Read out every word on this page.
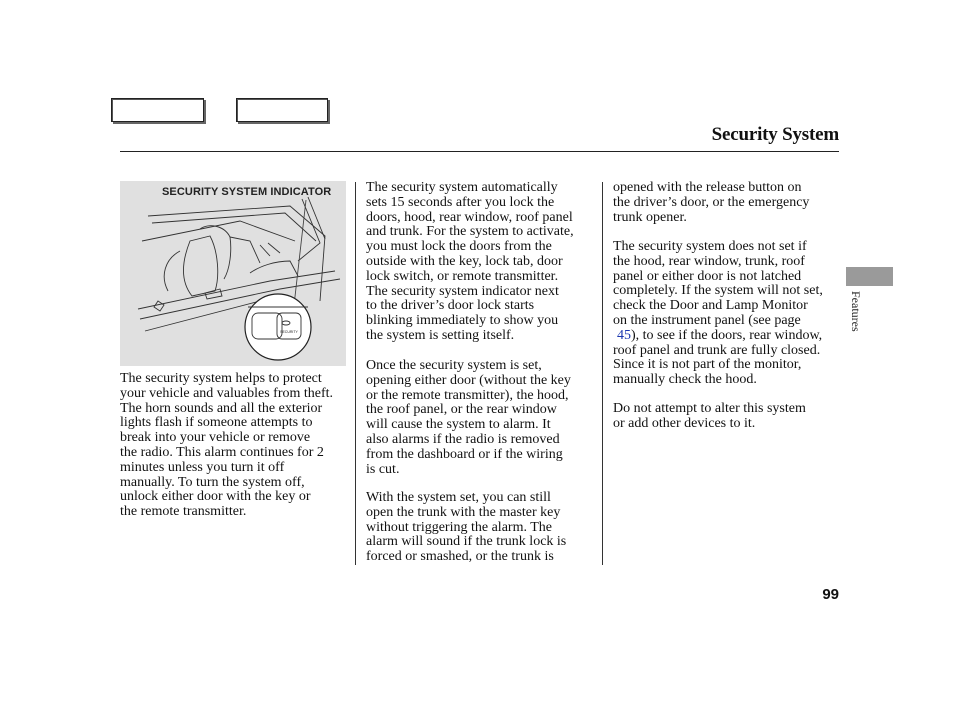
Security System
SECURITY
SECURITY SYSTEM INDICATOR

The security system helps to protect
your vehicle and valuables from theft.
The horn sounds and all the exterior
lights flash if someone attempts to
break into your vehicle or remove
the radio. This alarm continues for 2
minutes unless you turn it off
manually. To turn the system off,
unlock either door with the key or
the remote transmitter.

The security system automatically
sets 15 seconds after you lock the
doors, hood, rear window, roof panel
and trunk. For the system to activate,
you must lock the doors from the
outside with the key, lock tab, door
lock switch, or remote transmitter.
The security system indicator next
to the driver’s door lock starts
blinking immediately to show you
the system is setting itself.

Once the security system is set,
opening either door (without the key
or the remote transmitter), the hood,
the roof panel, or the rear window
will cause the system to alarm. It
also alarms if the radio is removed
from the dashboard or if the wiring
is cut.

With the system set, you can still
open the trunk with the master key
without triggering the alarm. The
alarm will sound if the trunk lock is
forced or smashed, or the trunk is

opened with the release button on
the driver’s door, or the emergency
trunk opener.

The security system does not set if
the hood, rear window, trunk, roof
panel or either door is not latched
completely. If the system will not set,
check the Door and Lamp Monitor
on the instrument panel (see page
45), to see if the doors, rear window,
roof panel and trunk are fully closed.
Since it is not part of the monitor,
manually check the hood.

Do not attempt to alter this system
or add other devices to it.

Features
99
